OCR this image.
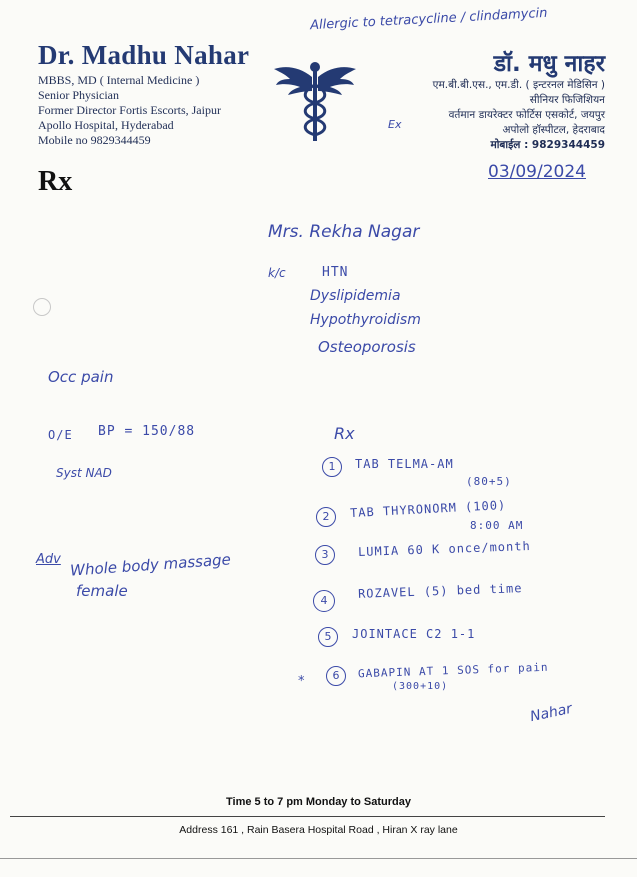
Dr. Madhu Nahar
MBBS, MD ( Internal Medicine )
Senior Physician
Former Director Fortis Escorts, Jaipur
Apollo Hospital, Hyderabad
Mobile no 9829344459
डॉ. मधु नाहर
एम.बी.बी.एस., एम.डी. ( इन्टरनल मेडिसिन )
सीनियर फिजिशियन
वर्तमान डायरेक्टर फोर्टिस एसकोर्ट, जयपुर
अपोलो हॉस्पीटल, हेदराबाद
मोबाईल : 9829344459
Rx
Allergic to tetracycline / clindamycin
Ex
03/09/2024
Mrs. Rekha Nagar
k/c	HTN
Dyslipidemia
Hypothyroidism
Osteoporosis
Occ pain
O/E BP = 150/88
Syst NAD
Adv Whole body massage
female
Rx
1	TAB TELMA-AM
(80+5)
2	TAB THYRONORM (100)
8:00 AM
3	LUMIA 60 K once/month
4	ROZAVEL (5) bed time
5	JOINTACE C2 1-1
*	6	GABAPIN AT 1 SOS for pain
(300+10)
Nahar
Time 5 to 7 pm Monday to Saturday
Address 161 , Rain Basera Hospital Road , Hiran X ray lane
